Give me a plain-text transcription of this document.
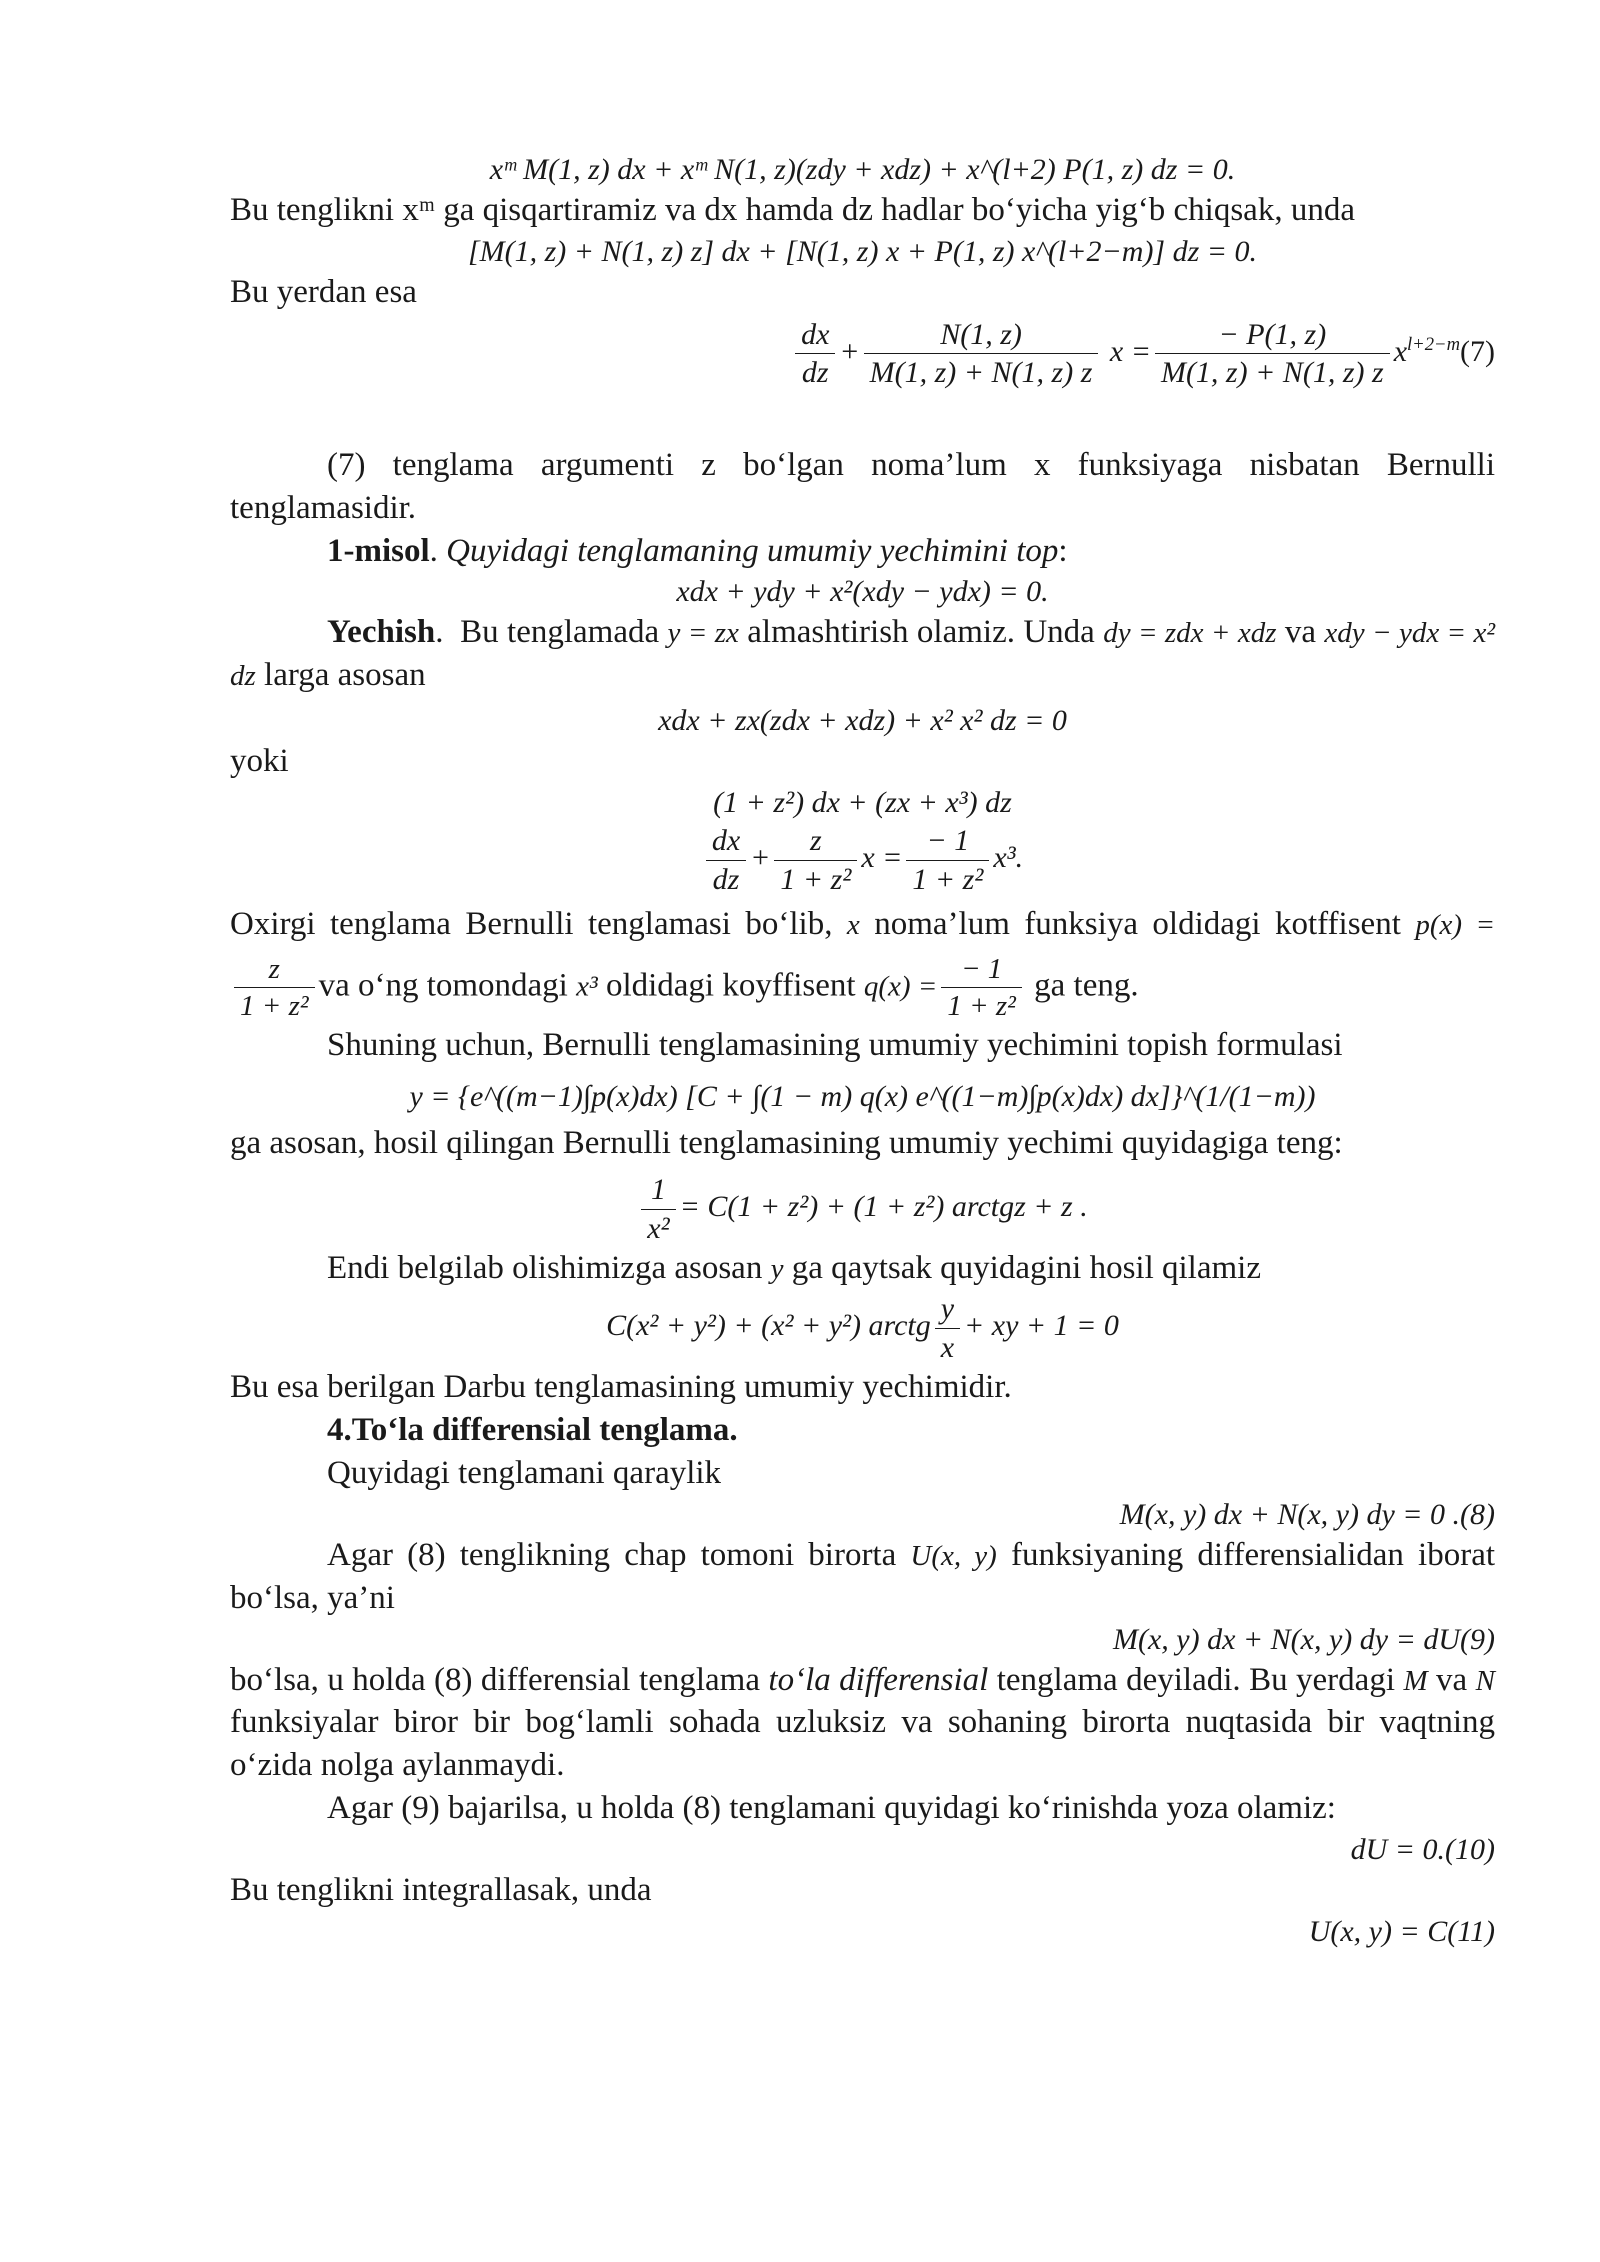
xᵐ M(1, z) dx + xᵐ N(1, z)(zdy + xdz) + x^(l+2) P(1, z) dz = 0.

Bu tenglikni xᵐ ga qisqartiramiz va dx hamda dz hadlar bo‘yicha yig‘b chiqsak, unda

[M(1, z) + N(1, z) z] dx + [N(1, z) x + P(1, z) x^(l+2−m)] dz = 0.

Bu yerdan esa

$\frac{dx}{dz} + \frac{N(1, z)}{M(1, z) + N(1, z) z}$ $x = \frac{- P(1, z)}{M(1, z) + N(1, z) z} x^{l+2-m}(7)$

(7) tenglama argumenti z bo‘lgan noma’lum x funksiyaga nisbatan Bernulli tenglamasidir.

1-misol. Quyidagi tenglamaning umumiy yechimini top:

xdx + ydy + x²(xdy − ydx) = 0.

Yechish.  Bu tenglamada y = zx almashtirish olamiz. Unda dy = zdx + xdz va xdy − ydx = x² dz larga asosan

xdx + zx(zdx + xdz) + x² x² dz = 0

yoki

(1 + z²) dx + (zx + x³) dz

$\frac{dx}{dz} + \frac{z}{\text{1 + z²}}$ $x = \frac{- 1}{\text{1 + z²}} x^3$.

Oxirgi tenglama Bernulli tenglamasi bo‘lib, x noma’lum funksiya oldidagi kotffisent p(x) =
$\frac{z}{\text{1 + z²}}$ va o‘ng tomondagi x³ oldidagi koyffisent $q(x) = \frac{- 1}{\text{1 + z²}}$ ga teng.

Shuning uchun, Bernulli tenglamasining umumiy yechimini topish formulasi

y = {e^((m−1)∫p(x)dx) [C + ∫(1 − m) q(x) e^((1−m)∫p(x)dx) dx]}^(1/(1−m))

ga asosan, hosil qilingan Bernulli tenglamasining umumiy yechimi quyidagiga teng:

$\frac{1}{\text{x²}} = C(1 + z^2) + (1 + z^2)$ arctgz + z .

Endi belgilab olishimizga asosan y ga qaytsak quyidagini hosil qilamiz

C(x² + y²) + (x² + y²) arctg $\frac{y}{x}$ + xy + 1 = 0

Bu esa berilgan Darbu tenglamasining umumiy yechimidir.

4.To‘la differensial tenglama.

Quyidagi tenglamani qaraylik

M(x, y) dx + N(x, y) dy = 0 .(8)

Agar (8) tenglikning chap tomoni birorta U(x, y) funksiyaning differensialidan iborat bo‘lsa, ya’ni

M(x, y) dx + N(x, y) dy = dU(9)

bo‘lsa, u holda (8) differensial tenglama to‘la differensial tenglama deyiladi. Bu yerdagi M va N funksiyalar biror bir bog‘lamli sohada uzluksiz va sohaning birorta nuqtasida bir vaqtning o‘zida nolga aylanmaydi.

Agar (9) bajarilsa, u holda (8) tenglamani quyidagi ko‘rinishda yoza olamiz:

dU = 0.(10)

Bu tenglikni integrallasak, unda

U(x, y) = C(11)
